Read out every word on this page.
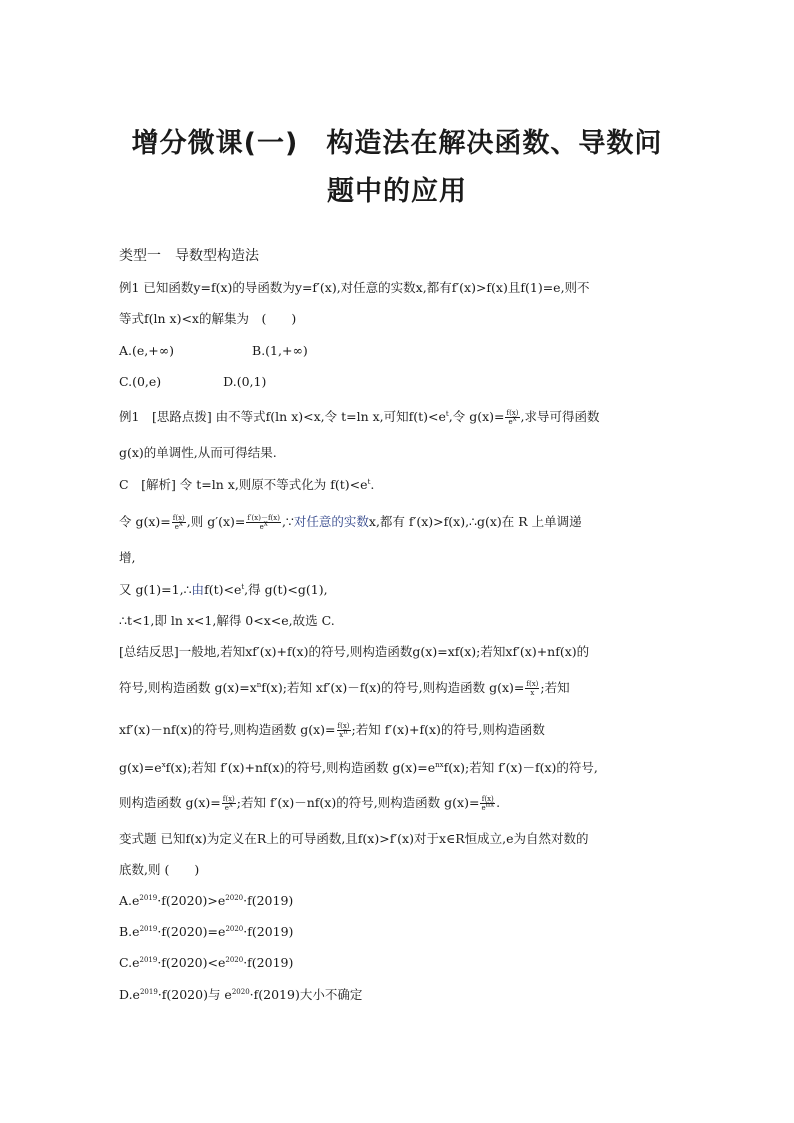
增分微课(一)　构造法在解决函数、导数问
题中的应用
类型一　导数型构造法
例1 已知函数y=f(x)的导函数为y=f′(x),对任意的实数x,都有f′(x)>f(x)且f(1)=e,则不
等式f(ln x)<x的解集为　(　　)
A.(e,+∞)	B.(1,+∞)
C.(0,e)	D.(0,1)
例1　[思路点拨] 由不等式f(ln x)<x,令 t=ln x,可知$f(t)<e^t$,令 $g(x)= \frac{f(x)}{e^x}$ ,求导可得函数
g(x)的单调性,从而可得结果.
C　[解析] 令 t=ln x,则原不等式化为 $f(t)<e^t$.
令 $g(x)= \frac{f(x)}{e^x}$ ,则 $g'(x)= \frac{f'(x)-f(x)}{e^x}$ ,∵对任意的实数x,都有 f′(x)>f(x),∴g(x)在 R 上单调递
增,
又 g(1)=1,∴由$f(t)<e^t$,得 g(t)<g(1),
∴t<1,即 ln x<1,解得 0<x<e,故选 C.
[总结反思]一般地,若知xf′(x)+f(x)的符号,则构造函数g(x)=xf(x);若知xf′(x)+nf(x)的
符号,则构造函数 $g(x)=x^nf(x)$;若知 xf′(x)－f(x)的符号,则构造函数 $g(x)= \frac{f(x)}{x}$ ;若知
xf′(x)－nf(x)的符号,则构造函数 $g(x)= \frac{f(x)}{x^n}$ ;若知 f′(x)+f(x)的符号,则构造函数
$g(x)=e^xf(x)$;若知 f′(x)+nf(x)的符号,则构造函数 $g(x)=e^{nx}f(x)$;若知 f′(x)－f(x)的符号,
则构造函数 $g(x)= \frac{f(x)}{e^x}$ ;若知 f′(x)－nf(x)的符号,则构造函数 $g(x)= \frac{f(x)}{e^{nx}}$ .
变式题 已知f(x)为定义在R上的可导函数,且f(x)>f′(x)对于x∈R恒成立,e为自然对数的
底数,则 (　　)
$A.e^{2019}\cdot f(2020)>e^{2020}\cdot f(2019)$
$B.e^{2019}\cdot f(2020)=e^{2020}\cdot f(2019)$
$C.e^{2019}\cdot f(2020)<e^{2020}\cdot f(2019)$
$D.e^{2019}\cdot f(2020)$与 $e^{2020}\cdot f(2019)$大小不确定
